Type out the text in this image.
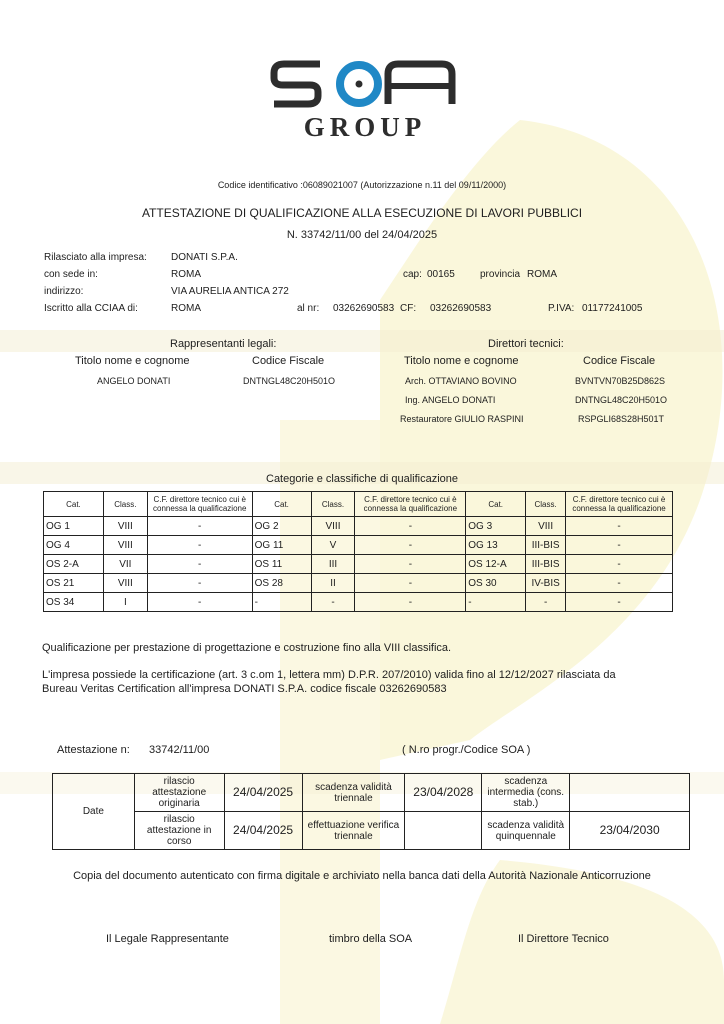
GROUP
Codice identificativo :06089021007 (Autorizzazione n.11 del 09/11/2000)
ATTESTAZIONE DI QUALIFICAZIONE ALLA ESECUZIONE DI LAVORI PUBBLICI
N. 33742/11/00 del 24/04/2025
Rilasciato alla impresa: DONATI S.P.A.
con sede in:	ROMA	cap: 00165	provincia ROMA
indirizzo:	VIA AURELIA ANTICA 272
Iscritto alla CCIAA di:	ROMA	al nr: 03262690583 CF: 03262690583	P.IVA: 01177241005
Rappresentanti legali:
Titolo nome e cognome	Codice Fiscale
ANGELO DONATI	DNTNGL48C20H501O
Direttori tecnici:
Titolo nome e cognome	Codice Fiscale
Arch. OTTAVIANO BOVINO	BVNTVN70B25D862S
Ing. ANGELO DONATI	DNTNGL48C20H501O
Restauratore GIULIO RASPINI	RSPGLI68S28H501T
Categorie e classifiche di qualificazione
Cat.	Class.	C.F. direttore tecnico cui è connessa la qualificazione	Cat.	Class.	C.F. direttore tecnico cui è connessa la qualificazione	Cat.	Class.	C.F. direttore tecnico cui è connessa la qualificazione
OG 1	VIII	-	OG 2	VIII	-	OG 3	VIII	-
OG 4	VIII	-	OG 11	V	-	OG 13	III-BIS	-
OS 2-A	VII	-	OS 11	III	-	OS 12-A	III-BIS	-
OS 21	VIII	-	OS 28	II	-	OS 30	IV-BIS	-
OS 34	I	-	-	-	-	-	-	-
Qualificazione per prestazione di progettazione e costruzione fino alla VIII classifica.
L'impresa possiede la certificazione (art. 3 c.om 1, lettera mm) D.P.R. 207/2010) valida fino al 12/12/2027 rilasciata da
Bureau Veritas Certification all'impresa DONATI S.P.A. codice fiscale 03262690583
Attestazione n: 33742/11/00	( N.ro progr./Codice SOA )
Date	rilascio attestazione originaria	24/04/2025	scadenza validità triennale	23/04/2028	scadenza intermedia (cons. stab.)	
	rilascio attestazione in corso	24/04/2025	effettuazione verifica triennale		scadenza validità quinquennale	23/04/2030
Copia del documento autenticato con firma digitale e archiviato nella banca dati della Autorità Nazionale Anticorruzione
Il Legale Rappresentante	timbro della SOA	Il Direttore Tecnico
